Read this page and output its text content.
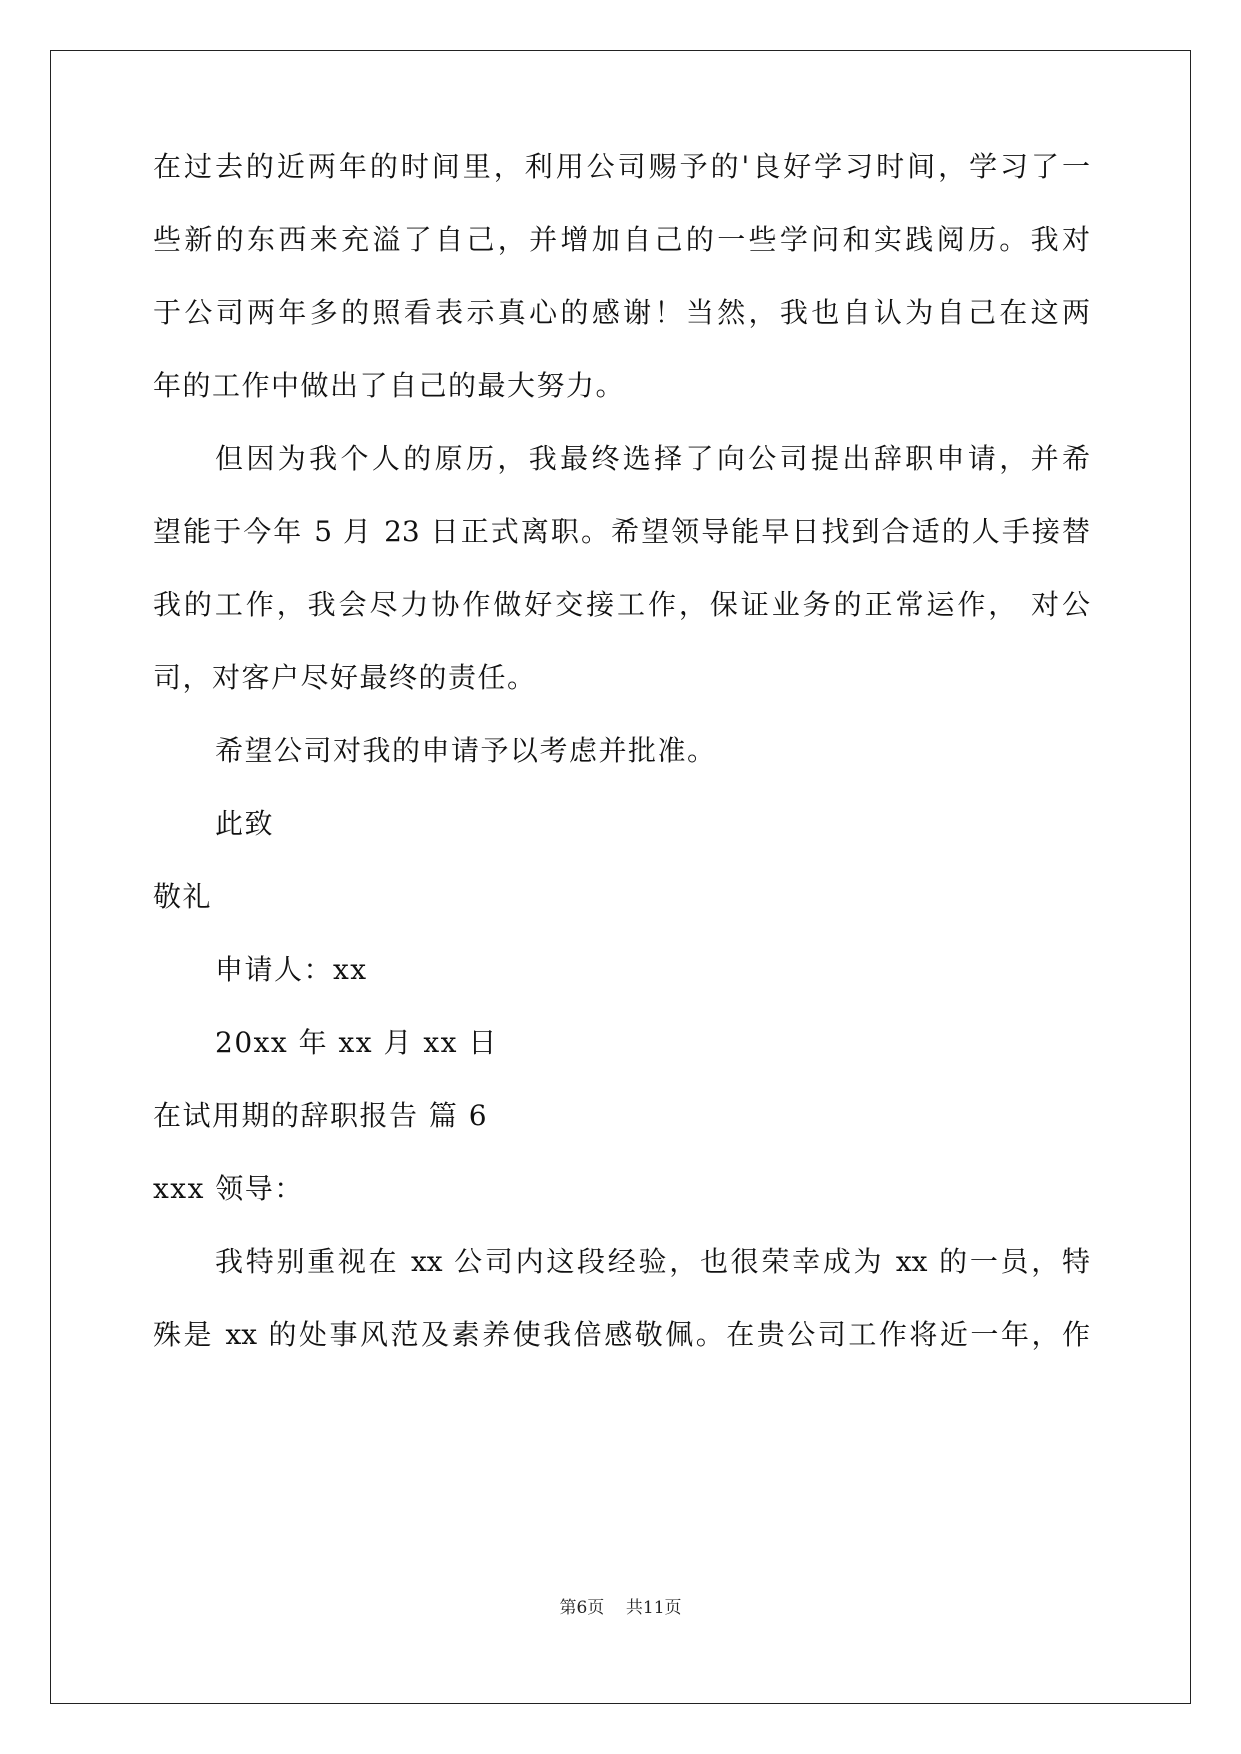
在过去的近两年的时间里，利用公司赐予的'良好学习时间，学习了一
些新的东西来充溢了自己，并增加自己的一些学问和实践阅历。我对
于公司两年多的照看表示真心的感谢！当然，我也自认为自己在这两
年的工作中做出了自己的最大努力。
但因为我个人的原历，我最终选择了向公司提出辞职申请，并希
望能于今年 5 月 23 日正式离职。希望领导能早日找到合适的人手接替
我的工作，我会尽力协作做好交接工作，保证业务的正常运作， 对公
司，对客户尽好最终的责任。
希望公司对我的申请予以考虑并批准。
此致
敬礼
申请人：xx
20xx 年 xx 月 xx 日
在试用期的辞职报告 篇 6
xxx 领导：
我特别重视在 xx 公司内这段经验，也很荣幸成为 xx 的一员，特
殊是 xx 的处事风范及素养使我倍感敬佩。在贵公司工作将近一年，作
第6页 共11页
